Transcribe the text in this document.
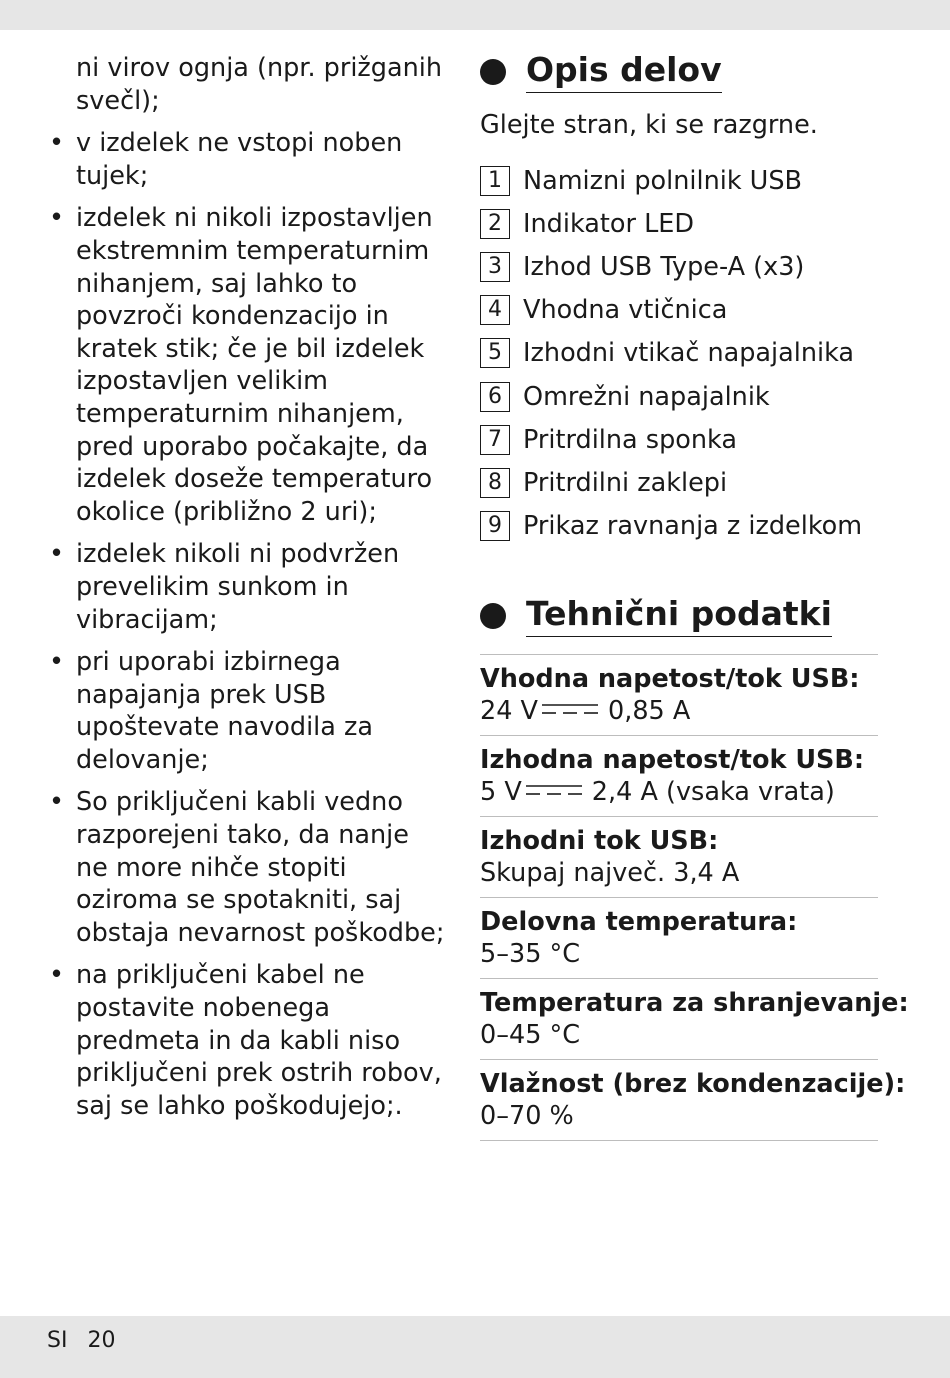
ni virov ognja (npr. prižganih svečl);

• v izdelek ne vstopi noben tujek;
• izdelek ni nikoli izpostavljen ekstremnim temperaturnim nihanjem, saj lahko to povzroči kondenzacijo in kratek stik; če je bil izdelek izpostavljen velikim temperaturnim nihanjem, pred uporabo počakajte, da izdelek doseže temperaturo okolice (približno 2 uri);
• izdelek nikoli ni podvržen prevelikim sunkom in vibracijam;
• pri uporabi izbirnega napajanja prek USB upoštevate navodila za delovanje;
• So priključeni kabli vedno razporejeni tako, da nanje ne more nihče stopiti oziroma se spotakniti, saj obstaja nevarnost poškodbe;
• na priključeni kabel ne postavite nobenega predmeta in da kabli niso priključeni prek ostrih robov, saj se lahko poškodujejo;.
Opis delov
Glejte stran, ki se razgrne.
1 Namizni polnilnik USB
2 Indikator LED
3 Izhod USB Type-A (x3)
4 Vhodna vtičnica
5 Izhodni vtikač napajalnika
6 Omrežni napajalnik
7 Pritrdilna sponka
8 Pritrdilni zaklepi
9 Prikaz ravnanja z izdelkom
Tehnični podatki
Vhodna napetost/tok USB:
24 V	0,85 A
Izhodna napetost/tok USB:
5 V	2,4 A (vsaka vrata)
Izhodni tok USB:
Skupaj največ. 3,4 A
Delovna temperatura:
5–35 °C
Temperatura za shranjevanje:
0–45 °C
Vlažnost (brez kondenzacije):
0–70 %
SI 20
